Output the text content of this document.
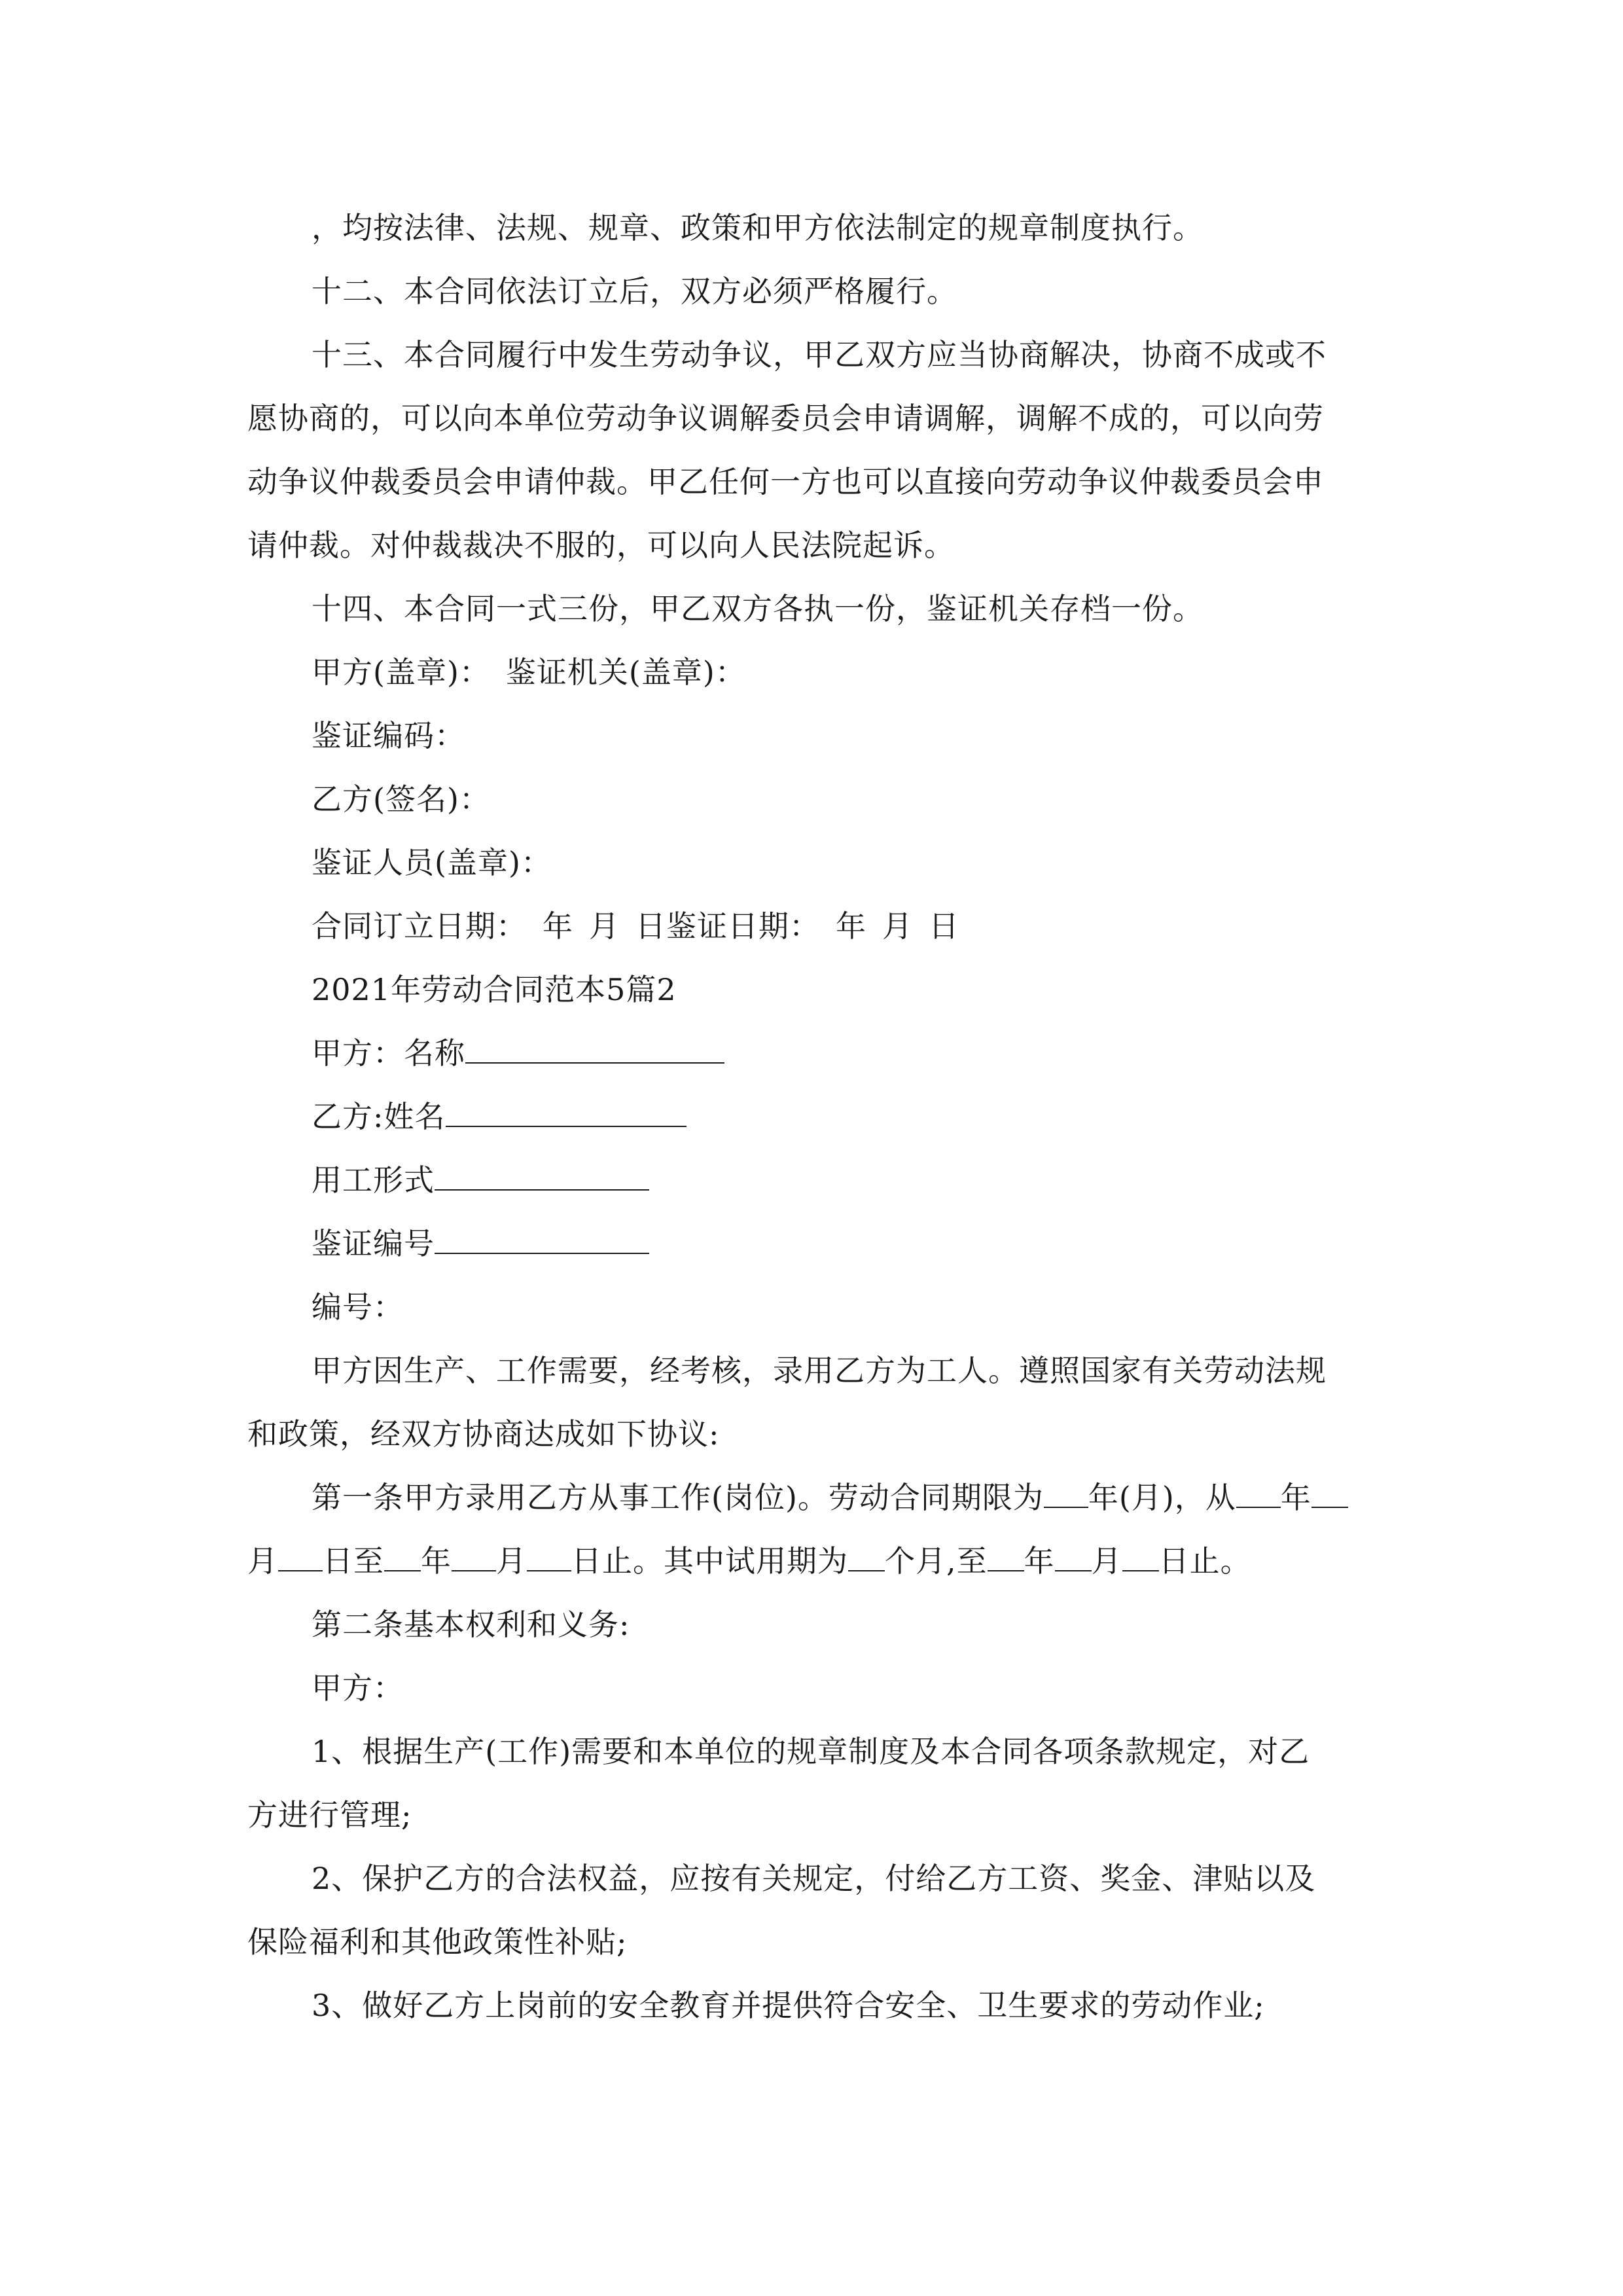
，均按法律、法规、规章、政策和甲方依法制定的规章制度执行。
十二、本合同依法订立后，双方必须严格履行。
十三、本合同履行中发生劳动争议，甲乙双方应当协商解决，协商不成或不
愿协商的，可以向本单位劳动争议调解委员会申请调解，调解不成的，可以向劳
动争议仲裁委员会申请仲裁。甲乙任何一方也可以直接向劳动争议仲裁委员会申
请仲裁。对仲裁裁决不服的，可以向人民法院起诉。
十四、本合同一式三份，甲乙双方各执一份，鉴证机关存档一份。
甲方(盖章)： 鉴证机关(盖章)：
鉴证编码：
乙方(签名)：
鉴证人员(盖章)：
合同订立日期： 年 月 日鉴证日期： 年 月 日
2021年劳动合同范本5篇2
甲方：名称
乙方:姓名
用工形式
鉴证编号
编号：
甲方因生产、工作需要，经考核，录用乙方为工人。遵照国家有关劳动法规
和政策，经双方协商达成如下协议:
第一条甲方录用乙方从事工作(岗位)。劳动合同期限为 年(月)，从 年
月 日至 年 月 日止。其中试用期为 个月,至 年 月 日止。
第二条基本权利和义务:
甲方：
1、根据生产(工作)需要和本单位的规章制度及本合同各项条款规定，对乙
方进行管理;
2、保护乙方的合法权益，应按有关规定，付给乙方工资、奖金、津贴以及
保险福利和其他政策性补贴;
3、做好乙方上岗前的安全教育并提供符合安全、卫生要求的劳动作业;
